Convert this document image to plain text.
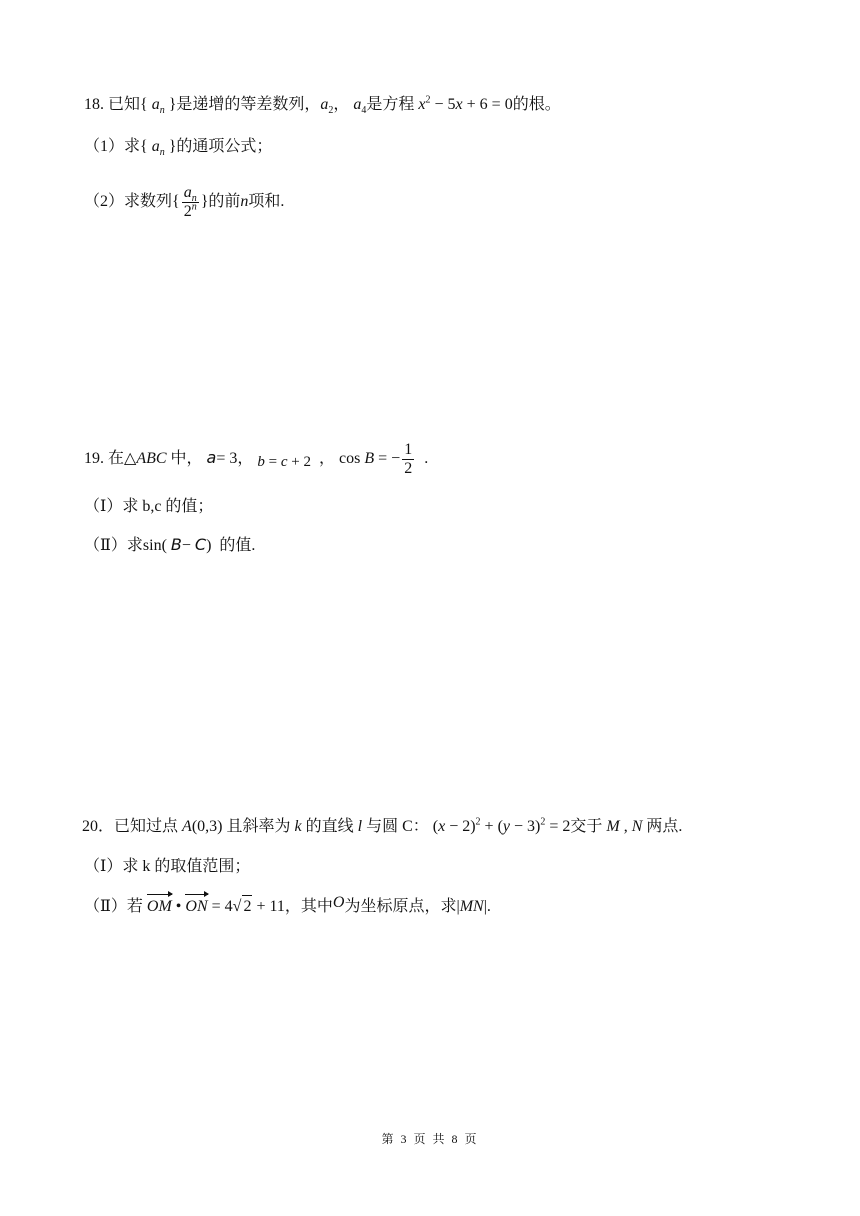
18. 已知{ $a_n$ }是递增的等差数列，$a_2$， $a_4$是方程 $x^2 - 5x + 6 = 0$的根。
（1）求{ $a_n$ }的通项公式；
（2）求数列{ $\frac{a_n}{2^n}$ }的前n项和.
19. 在△ABC 中， a= 3， b = c + 2 ， cos B = − $\frac{1}{2}$ .
（Ⅰ）求 b,c 的值；
（Ⅱ）求sin( B− C) 的值.
20．已知过点 A(0,3) 且斜率为 k 的直线 l 与圆 C： $(x - 2)^2 + (y - 3)^2 = 2$交于 M , N 两点.
（Ⅰ）求 k 的取值范围；
（Ⅱ）若 OM • ON = 4√ 2 + 11，其中O为坐标原点，求|MN|.
第 3 页 共 8 页
